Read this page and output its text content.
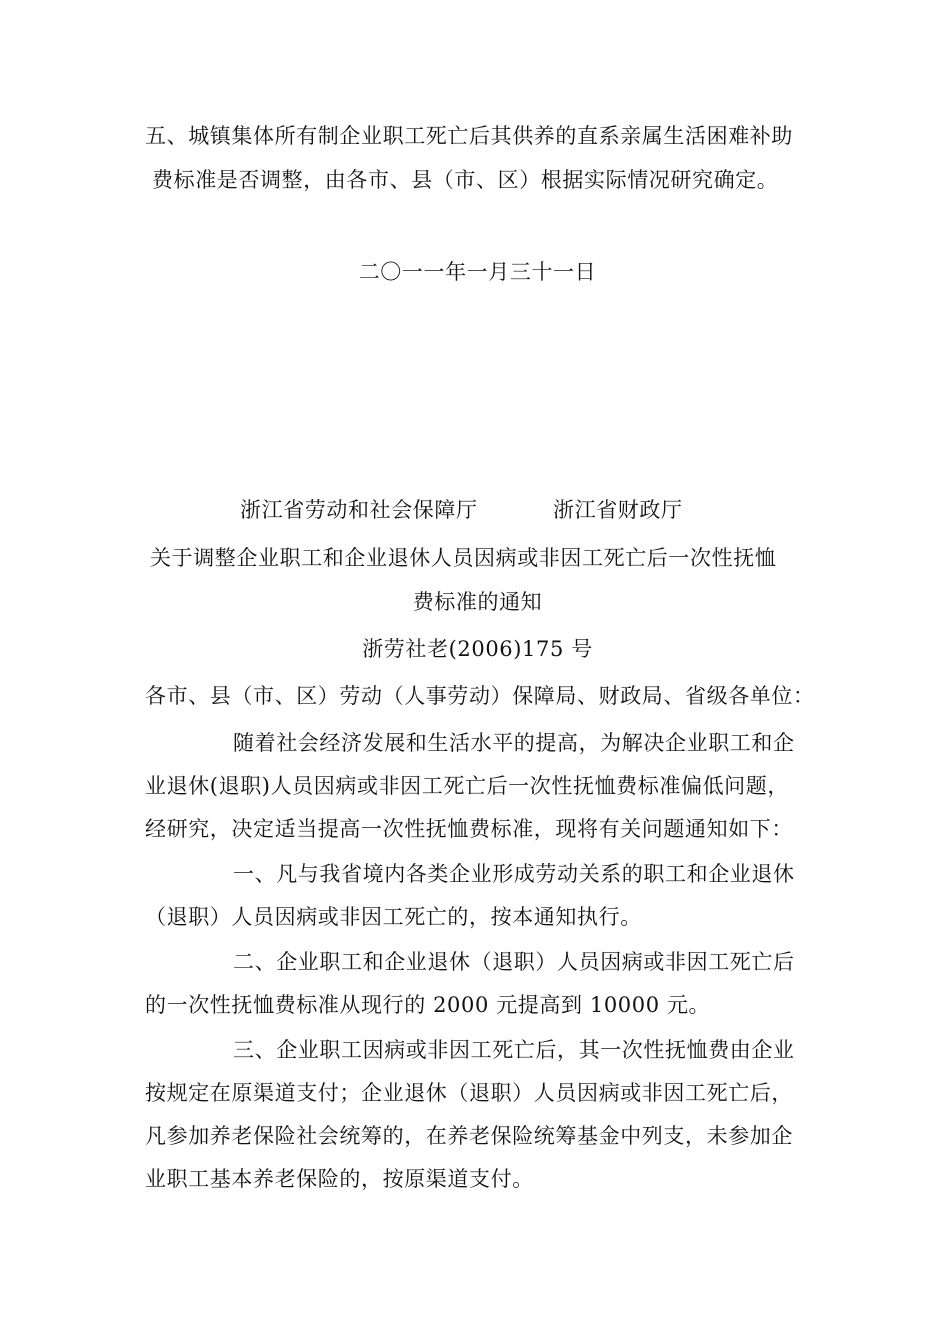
五、城镇集体所有制企业职工死亡后其供养的直系亲属生活困难补助
费标准是否调整，由各市、县（市、区）根据实际情况研究确定。
二〇一一年一月三十一日
浙江省劳动和社会保障厅	浙江省财政厅
关于调整企业职工和企业退休人员因病或非因工死亡后一次性抚恤
费标准的通知
浙劳社老(2006)175 号
各市、县（市、区）劳动（人事劳动）保障局、财政局、省级各单位：
随着社会经济发展和生活水平的提高，为解决企业职工和企
业退休(退职)人员因病或非因工死亡后一次性抚恤费标准偏低问题，
经研究，决定适当提高一次性抚恤费标准，现将有关问题通知如下：
一、凡与我省境内各类企业形成劳动关系的职工和企业退休
（退职）人员因病或非因工死亡的，按本通知执行。
二、企业职工和企业退休（退职）人员因病或非因工死亡后
的一次性抚恤费标准从现行的 2000 元提高到 10000 元。
三、企业职工因病或非因工死亡后，其一次性抚恤费由企业
按规定在原渠道支付；企业退休（退职）人员因病或非因工死亡后，
凡参加养老保险社会统筹的，在养老保险统筹基金中列支，未参加企
业职工基本养老保险的，按原渠道支付。
